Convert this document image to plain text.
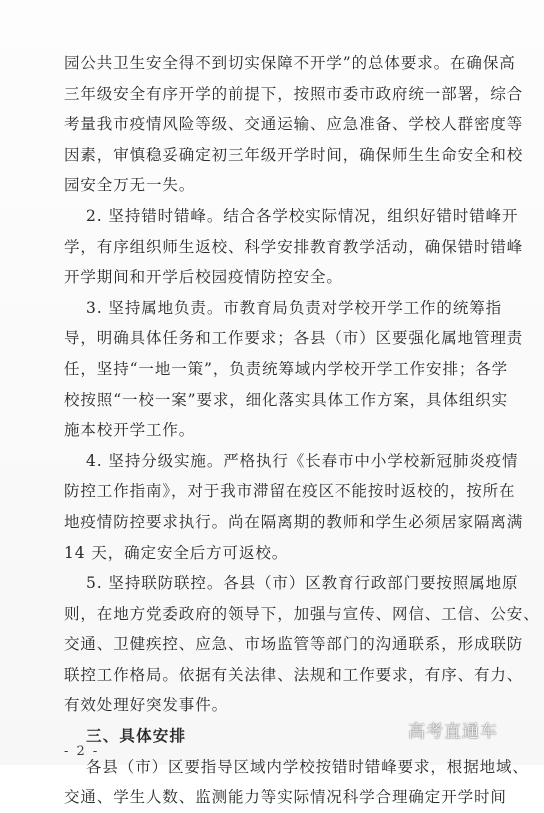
园公共卫生安全得不到切实保障不开学”的总体要求。在确保高
三年级安全有序开学的前提下，按照市委市政府统一部署，综合
考量我市疫情风险等级、交通运输、应急准备、学校人群密度等
因素，审慎稳妥确定初三年级开学时间，确保师生生命安全和校
园安全万无一失。
2. 坚持错时错峰。结合各学校实际情况，组织好错时错峰开
学，有序组织师生返校、科学安排教育教学活动，确保错时错峰
开学期间和开学后校园疫情防控安全。
3. 坚持属地负责。市教育局负责对学校开学工作的统筹指
导，明确具体任务和工作要求；各县（市）区要强化属地管理责
任，坚持“一地一策”，负责统筹域内学校开学工作安排；各学
校按照“一校一案”要求，细化落实具体工作方案，具体组织实
施本校开学工作。
4. 坚持分级实施。严格执行《长春市中小学校新冠肺炎疫情
防控工作指南》，对于我市滞留在疫区不能按时返校的，按所在
地疫情防控要求执行。尚在隔离期的教师和学生必须居家隔离满
14 天，确定安全后方可返校。
5. 坚持联防联控。各县（市）区教育行政部门要按照属地原
则，在地方党委政府的领导下，加强与宣传、网信、工信、公安、
交通、卫健疾控、应急、市场监管等部门的沟通联系，形成联防
联控工作格局。依据有关法律、法规和工作要求，有序、有力、
有效处理好突发事件。
三、具体安排
各县（市）区要指导区域内学校按错时错峰要求，根据地域、
交通、学生人数、监测能力等实际情况科学合理确定开学时间
- 2 -
高考直通车
